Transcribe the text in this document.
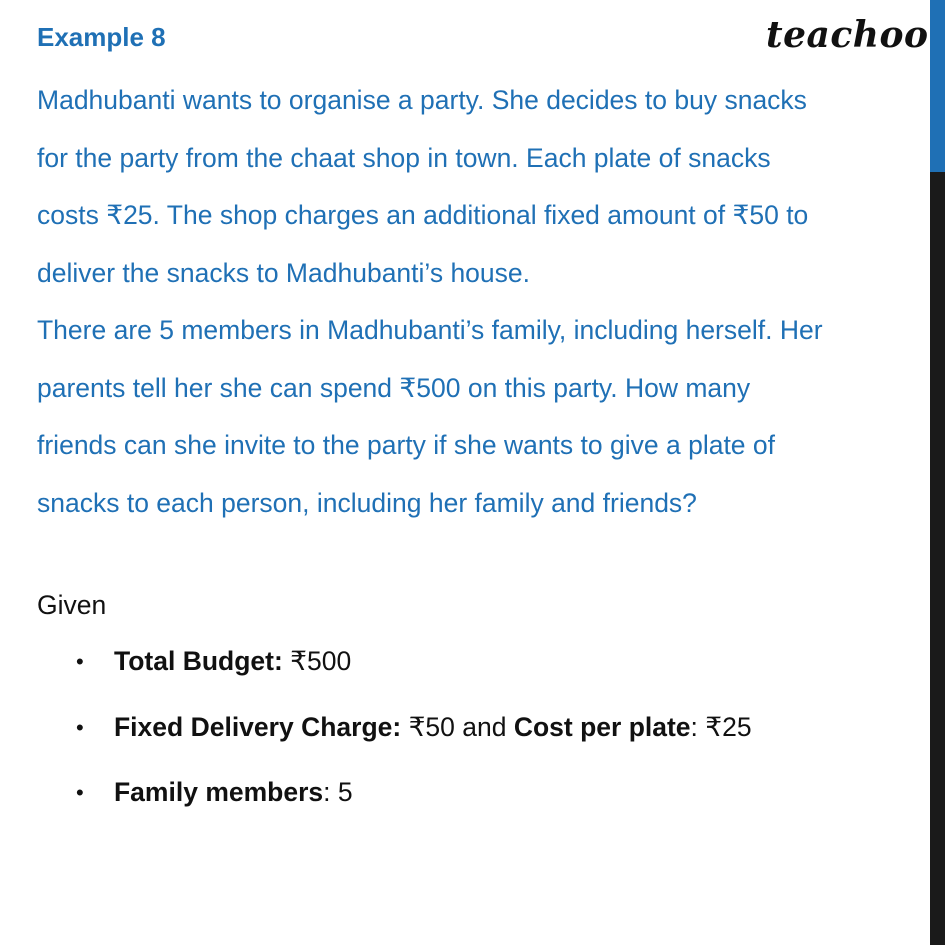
Example 8	teachoo

Madhubanti wants to organise a party. She decides to buy snacks
for the party from the chaat shop in town. Each plate of snacks
costs ₹25. The shop charges an additional fixed amount of ₹50 to
deliver the snacks to Madhubanti’s house.
There are 5 members in Madhubanti’s family, including herself. Her
parents tell her she can spend ₹500 on this party. How many
friends can she invite to the party if she wants to give a plate of
snacks to each person, including her family and friends?

Given
•	Total Budget: ₹500
•	Fixed Delivery Charge: ₹50 and Cost per plate: ₹25
•	Family members: 5
